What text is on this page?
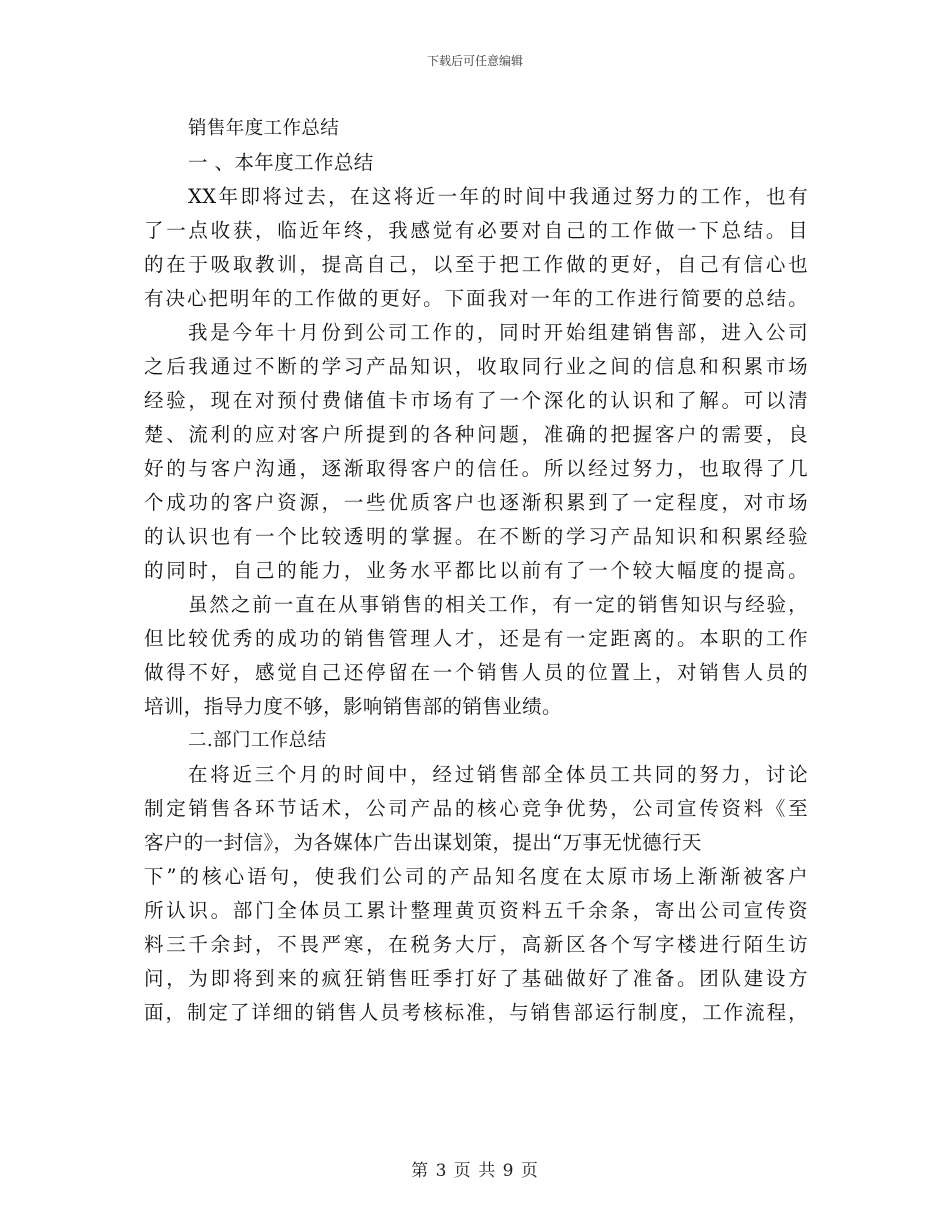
下载后可任意编辑
销售年度工作总结
一 、本年度工作总结
XX年即将过去，在这将近一年的时间中我通过努力的工作，也有
了一点收获，临近年终，我感觉有必要对自己的工作做一下总结。目
的在于吸取教训，提高自己，以至于把工作做的更好，自己有信心也
有决心把明年的工作做的更好。下面我对一年的工作进行简要的总结。
我是今年十月份到公司工作的，同时开始组建销售部，进入公司
之后我通过不断的学习产品知识，收取同行业之间的信息和积累市场
经验，现在对预付费储值卡市场有了一个深化的认识和了解。可以清
楚、流利的应对客户所提到的各种问题，准确的把握客户的需要，良
好的与客户沟通，逐渐取得客户的信任。所以经过努力，也取得了几
个成功的客户资源，一些优质客户也逐渐积累到了一定程度，对市场
的认识也有一个比较透明的掌握。在不断的学习产品知识和积累经验
的同时，自己的能力，业务水平都比以前有了一个较大幅度的提高。
虽然之前一直在从事销售的相关工作，有一定的销售知识与经验，
但比较优秀的成功的销售管理人才，还是有一定距离的。本职的工作
做得不好，感觉自己还停留在一个销售人员的位置上，对销售人员的
培训，指导力度不够，影响销售部的销售业绩。
二.部门工作总结
在将近三个月的时间中，经过销售部全体员工共同的努力，讨论
制定销售各环节话术，公司产品的核心竞争优势，公司宣传资料《至
客户的一封信》，为各媒体广告出谋划策，提出“万事无忧德行天
下”的核心语句，使我们公司的产品知名度在太原市场上渐渐被客户
所认识。部门全体员工累计整理黄页资料五千余条，寄出公司宣传资
料三千余封，不畏严寒，在税务大厅，高新区各个写字楼进行陌生访
问，为即将到来的疯狂销售旺季打好了基础做好了准备。团队建设方
面，制定了详细的销售人员考核标准，与销售部运行制度，工作流程，
第 3 页 共 9 页
